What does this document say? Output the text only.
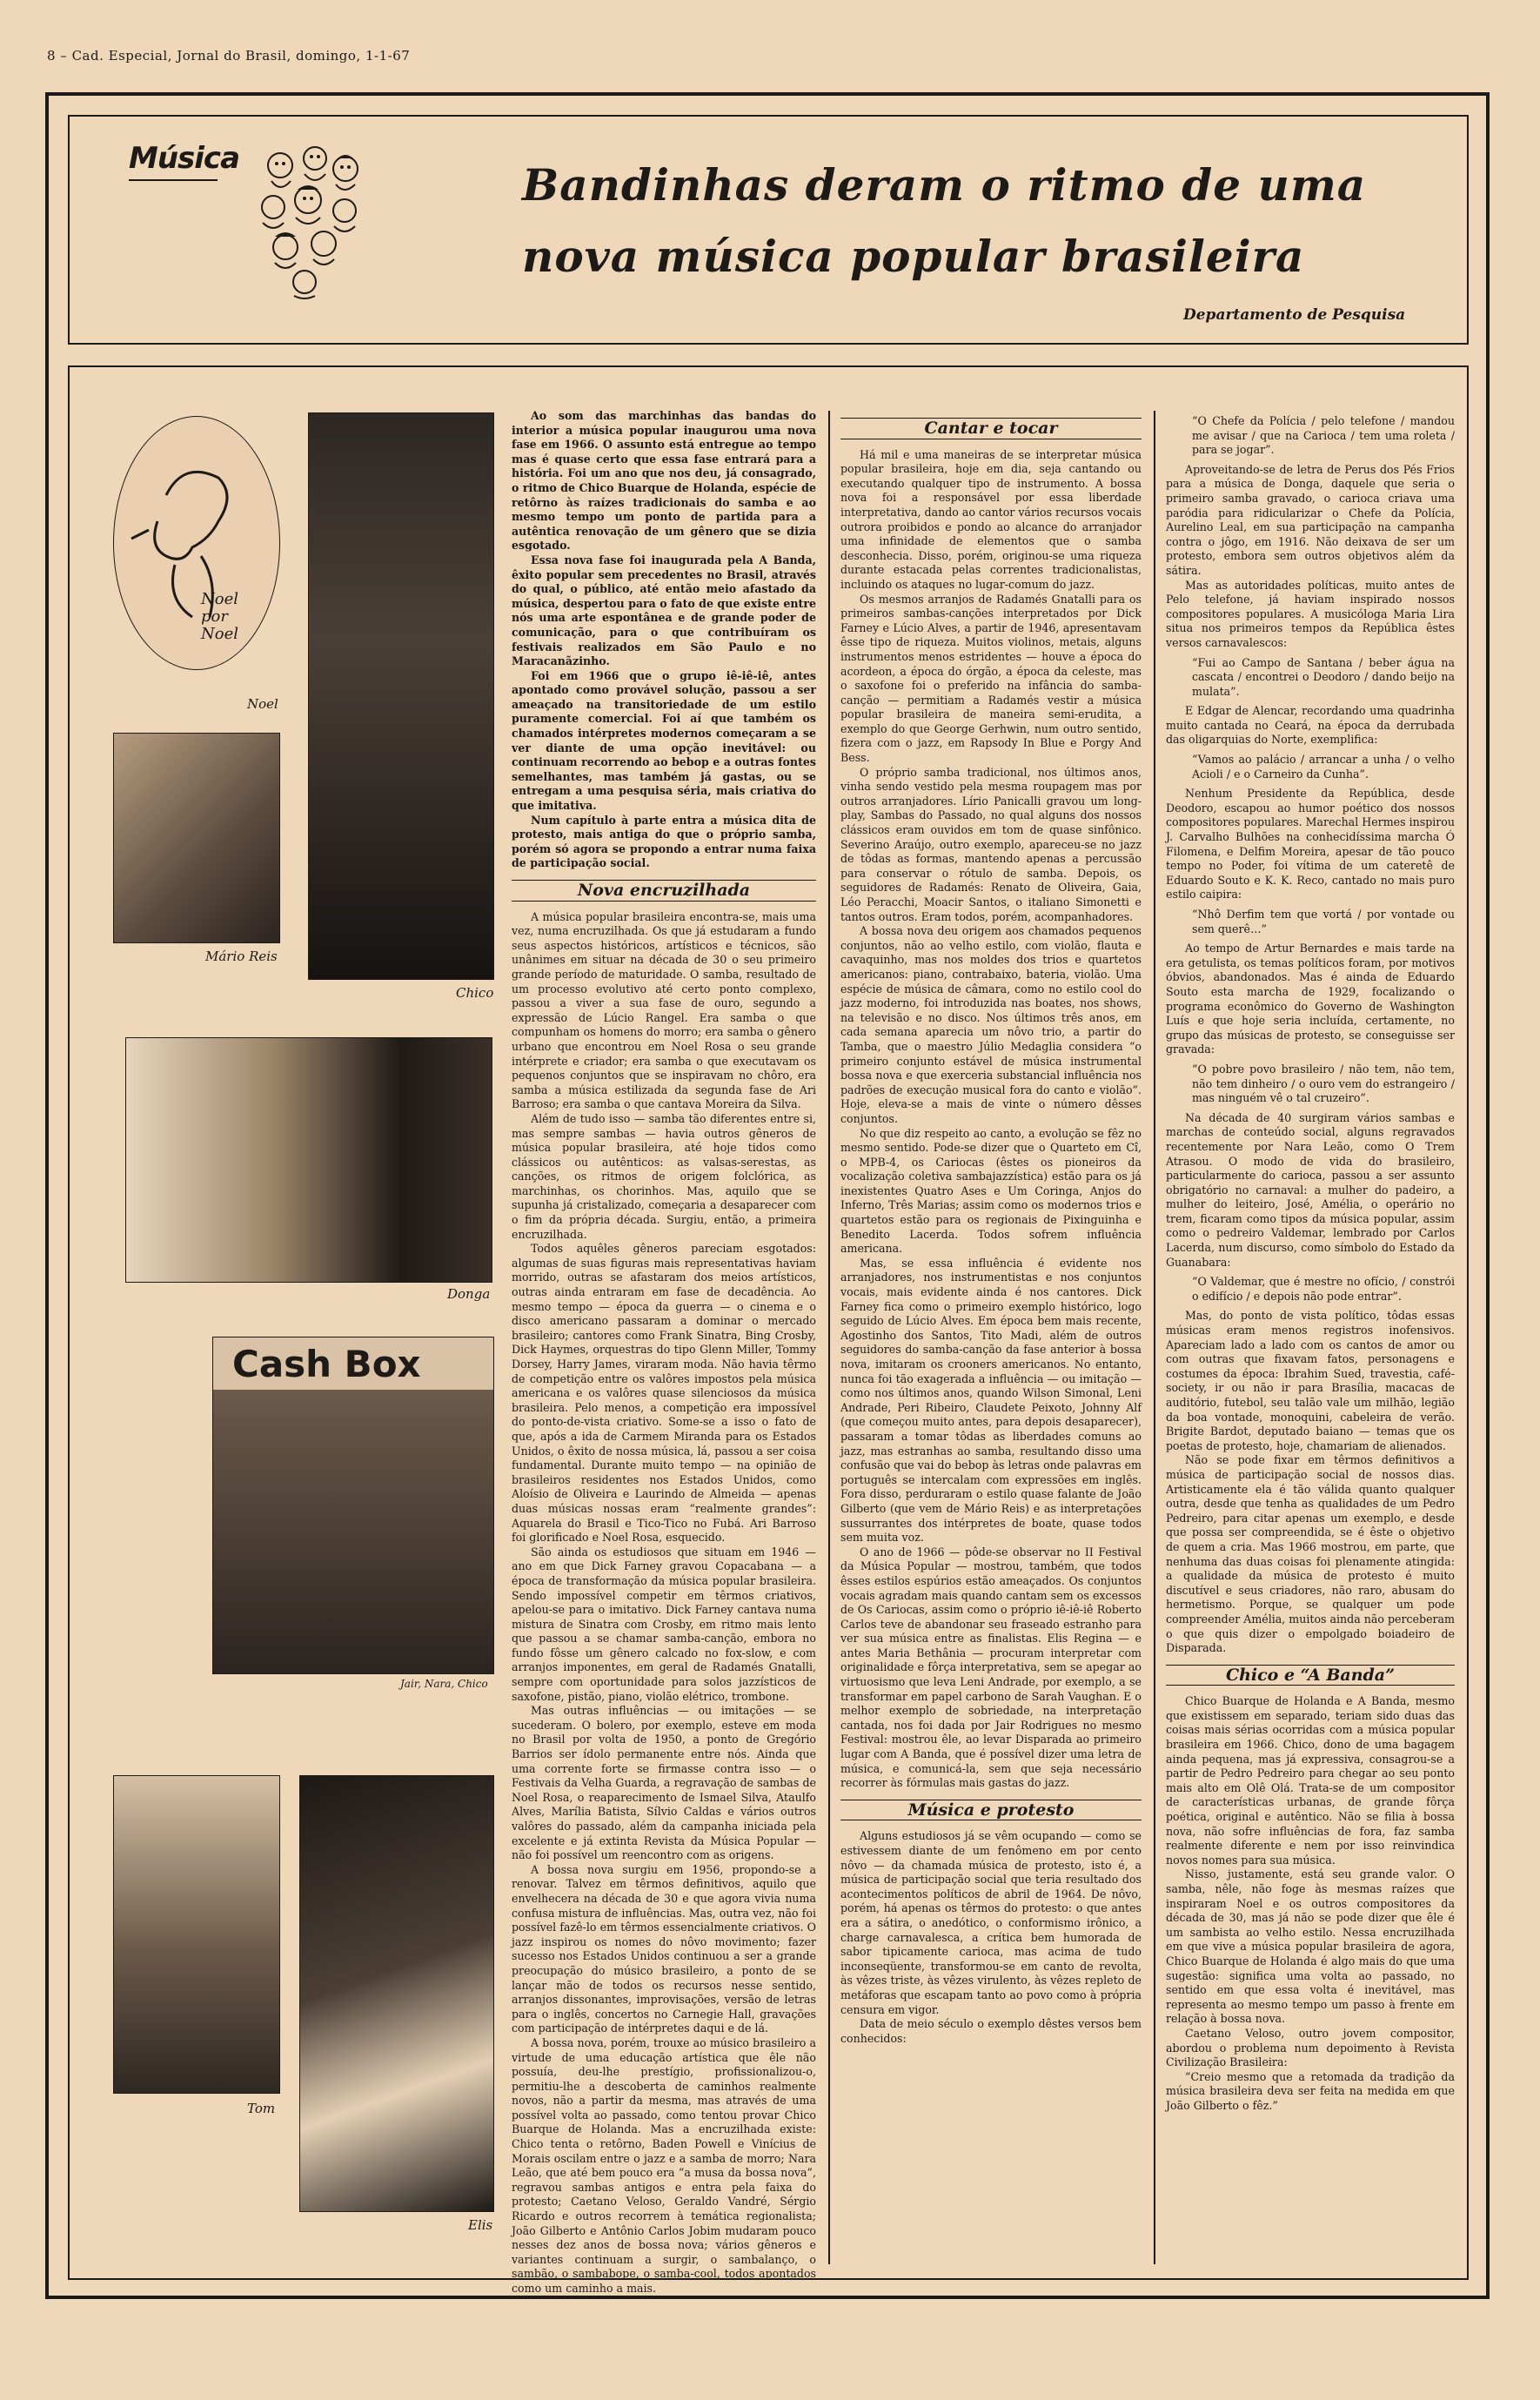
8 – Cad. Especial, Jornal do Brasil, domingo, 1-1-67
Música
Bandinhas deram o ritmo de uma
nova música popular brasileira
Departamento de Pesquisa
Noel por Noel
Noel
Mário Reis
Chico
Donga
Cash Box
Jair, Nara, Chico
Tom
Elis

Ao som das marchinhas das bandas do interior a música popular inaugurou uma nova fase em 1966. O assunto está entregue ao tempo mas é quase certo que essa fase entrará para a história. Foi um ano que nos deu, já consagrado, o ritmo de Chico Buarque de Holanda, espécie de retôrno às raízes tradicionais do samba e ao mesmo tempo um ponto de partida para a autêntica renovação de um gênero que se dizia esgotado.

Essa nova fase foi inaugurada pela A Banda, êxito popular sem precedentes no Brasil, através do qual, o público, até então meio afastado da música, despertou para o fato de que existe entre nós uma arte espontânea e de grande poder de comunicação, para o que contribuíram os festivais realizados em São Paulo e no Maracanãzinho.

Foi em 1966 que o grupo iê-iê-iê, antes apontado como provável solução, passou a ser ameaçado na transitoriedade de um estilo puramente comercial. Foi aí que também os chamados intérpretes modernos começaram a se ver diante de uma opção inevitável: ou continuam recorrendo ao bebop e a outras fontes semelhantes, mas também já gastas, ou se entregam a uma pesquisa séria, mais criativa do que imitativa.

Num capítulo à parte entra a música dita de protesto, mais antiga do que o próprio samba, porém só agora se propondo a entrar numa faixa de participação social.

Nova encruzilhada

A música popular brasileira encontra-se, mais uma vez, numa encruzilhada. Os que já estudaram a fundo seus aspectos históricos, artísticos e técnicos, são unânimes em situar na década de 30 o seu primeiro grande período de maturidade. O samba, resultado de um processo evolutivo até certo ponto complexo, passou a viver a sua fase de ouro, segundo a expressão de Lúcio Rangel. Era samba o que compunham os homens do morro; era samba o gênero urbano que encontrou em Noel Rosa o seu grande intérprete e criador; era samba o que executavam os pequenos conjuntos que se inspiravam no chôro, era samba a música estilizada da segunda fase de Ari Barroso; era samba o que cantava Moreira da Silva.

Além de tudo isso — samba tão diferentes entre si, mas sempre sambas — havia outros gêneros de música popular brasileira, até hoje tidos como clássicos ou autênticos: as valsas-serestas, as canções, os ritmos de origem folclórica, as marchinhas, os chorinhos. Mas, aquilo que se supunha já cristalizado, começaria a desaparecer com o fim da própria década. Surgiu, então, a primeira encruzilhada.

Todos aquêles gêneros pareciam esgotados: algumas de suas figuras mais representativas haviam morrido, outras se afastaram dos meios artísticos, outras ainda entraram em fase de decadência. Ao mesmo tempo — época da guerra — o cinema e o disco americano passaram a dominar o mercado brasileiro; cantores como Frank Sinatra, Bing Crosby, Dick Haymes, orquestras do tipo Glenn Miller, Tommy Dorsey, Harry James, viraram moda. Não havia têrmo de competição entre os valôres impostos pela música americana e os valôres quase silenciosos da música brasileira. Pelo menos, a competição era impossível do ponto-de-vista criativo. Some-se a isso o fato de que, após a ida de Carmem Miranda para os Estados Unidos, o êxito de nossa música, lá, passou a ser coisa fundamental. Durante muito tempo — na opinião de brasileiros residentes nos Estados Unidos, como Aloísio de Oliveira e Laurindo de Almeida — apenas duas músicas nossas eram “realmente grandes”: Aquarela do Brasil e Tico-Tico no Fubá. Ari Barroso foi glorificado e Noel Rosa, esquecido.

São ainda os estudiosos que situam em 1946 — ano em que Dick Farney gravou Copacabana — a época de transformação da música popular brasileira. Sendo impossível competir em têrmos criativos, apelou-se para o imitativo. Dick Farney cantava numa mistura de Sinatra com Crosby, em ritmo mais lento que passou a se chamar samba-canção, embora no fundo fôsse um gênero calcado no fox-slow, e com arranjos imponentes, em geral de Radamés Gnatalli, sempre com oportunidade para solos jazzísticos de saxofone, pistão, piano, violão elétrico, trombone.

Mas outras influências — ou imitações — se sucederam. O bolero, por exemplo, esteve em moda no Brasil por volta de 1950, a ponto de Gregório Barrios ser ídolo permanente entre nós. Ainda que uma corrente forte se firmasse contra isso — o Festivais da Velha Guarda, a regravação de sambas de Noel Rosa, o reaparecimento de Ismael Silva, Ataulfo Alves, Marília Batista, Sílvio Caldas e vários outros valôres do passado, além da campanha iniciada pela excelente e já extinta Revista da Música Popular — não foi possível um reencontro com as origens.

A bossa nova surgiu em 1956, propondo-se a renovar. Talvez em têrmos definitivos, aquilo que envelhecera na década de 30 e que agora vivia numa confusa mistura de influências. Mas, outra vez, não foi possível fazê-lo em têrmos essencialmente criativos. O jazz inspirou os nomes do nôvo movimento; fazer sucesso nos Estados Unidos continuou a ser a grande preocupação do músico brasileiro, a ponto de se lançar mão de todos os recursos nesse sentido, arranjos dissonantes, improvisações, versão de letras para o inglês, concertos no Carnegie Hall, gravações com participação de intérpretes daqui e de lá.

A bossa nova, porém, trouxe ao músico brasileiro a virtude de uma educação artística que êle não possuía, deu-lhe prestígio, profissionalizou-o, permitiu-lhe a descoberta de caminhos realmente novos, não a partir da mesma, mas através de uma possível volta ao passado, como tentou provar Chico Buarque de Holanda. Mas a encruzilhada existe: Chico tenta o retôrno, Baden Powell e Vinícius de Morais oscilam entre o jazz e a samba de morro; Nara Leão, que até bem pouco era “a musa da bossa nova”, regravou sambas antigos e entra pela faixa do protesto; Caetano Veloso, Geraldo Vandré, Sérgio Ricardo e outros recorrem à temática regionalista; João Gilberto e Antônio Carlos Jobim mudaram pouco nesses dez anos de bossa nova; vários gêneros e variantes continuam a surgir, o sambalanço, o sambão, o sambabope, o samba-cool, todos apontados como um caminho a mais.

Cantar e tocar

Há mil e uma maneiras de se interpretar música popular brasileira, hoje em dia, seja cantando ou executando qualquer tipo de instrumento. A bossa nova foi a responsável por essa liberdade interpretativa, dando ao cantor vários recursos vocais outrora proibidos e pondo ao alcance do arranjador uma infinidade de elementos que o samba desconhecia. Disso, porém, originou-se uma riqueza durante estacada pelas correntes tradicionalistas, incluindo os ataques no lugar-comum do jazz.

Os mesmos arranjos de Radamés Gnatalli para os primeiros sambas-canções interpretados por Dick Farney e Lúcio Alves, a partir de 1946, apresentavam êsse tipo de riqueza. Muitos violinos, metais, alguns instrumentos menos estridentes — houve a época do acordeon, a época do órgão, a época da celeste, mas o saxofone foi o preferido na infância do samba-canção — permitiam a Radamés vestir a música popular brasileira de maneira semi-erudita, a exemplo do que George Gerhwin, num outro sentido, fizera com o jazz, em Rapsody In Blue e Porgy And Bess.

O próprio samba tradicional, nos últimos anos, vinha sendo vestido pela mesma roupagem mas por outros arranjadores. Lírio Panicalli gravou um long-play, Sambas do Passado, no qual alguns dos nossos clássicos eram ouvidos em tom de quase sinfônico. Severino Araújo, outro exemplo, apareceu-se no jazz de tôdas as formas, mantendo apenas a percussão para conservar o rótulo de samba. Depois, os seguidores de Radamés: Renato de Oliveira, Gaia, Léo Peracchi, Moacir Santos, o italiano Simonetti e tantos outros. Eram todos, porém, acompanhadores.

A bossa nova deu origem aos chamados pequenos conjuntos, não ao velho estilo, com violão, flauta e cavaquinho, mas nos moldes dos trios e quartetos americanos: piano, contrabaixo, bateria, violão. Uma espécie de música de câmara, como no estilo cool do jazz moderno, foi introduzida nas boates, nos shows, na televisão e no disco. Nos últimos três anos, em cada semana aparecia um nôvo trio, a partir do Tamba, que o maestro Júlio Medaglia considera “o primeiro conjunto estável de música instrumental bossa nova e que exerceria substancial influência nos padrões de execução musical fora do canto e violão”. Hoje, eleva-se a mais de vinte o número dêsses conjuntos.

No que diz respeito ao canto, a evolução se fêz no mesmo sentido. Pode-se dizer que o Quarteto em Cî, o MPB-4, os Cariocas (êstes os pioneiros da vocalização coletiva sambajazzística) estão para os já inexistentes Quatro Ases e Um Coringa, Anjos do Inferno, Três Marias; assim como os modernos trios e quartetos estão para os regionais de Pixinguinha e Benedito Lacerda. Todos sofrem influência americana.

Mas, se essa influência é evidente nos arranjadores, nos instrumentistas e nos conjuntos vocais, mais evidente ainda é nos cantores. Dick Farney fica como o primeiro exemplo histórico, logo seguido de Lúcio Alves. Em época bem mais recente, Agostinho dos Santos, Tito Madi, além de outros seguidores do samba-canção da fase anterior à bossa nova, imitaram os crooners americanos. No entanto, nunca foi tão exagerada a influência — ou imitação — como nos últimos anos, quando Wilson Simonal, Leni Andrade, Peri Ribeiro, Claudete Peixoto, Johnny Alf (que começou muito antes, para depois desaparecer), passaram a tomar tôdas as liberdades comuns ao jazz, mas estranhas ao samba, resultando disso uma confusão que vai do bebop às letras onde palavras em português se intercalam com expressões em inglês. Fora disso, perduraram o estilo quase falante de João Gilberto (que vem de Mário Reis) e as interpretações sussurrantes dos intérpretes de boate, quase todos sem muita voz.

O ano de 1966 — pôde-se observar no II Festival da Música Popular — mostrou, também, que todos êsses estilos espúrios estão ameaçados. Os conjuntos vocais agradam mais quando cantam sem os excessos de Os Cariocas, assim como o próprio iê-iê-iê Roberto Carlos teve de abandonar seu fraseado estranho para ver sua música entre as finalistas. Elis Regina — e antes Maria Bethânia — procuram interpretar com originalidade e fôrça interpretativa, sem se apegar ao virtuosismo que leva Leni Andrade, por exemplo, a se transformar em papel carbono de Sarah Vaughan. E o melhor exemplo de sobriedade, na interpretação cantada, nos foi dada por Jair Rodrigues no mesmo Festival: mostrou êle, ao levar Disparada ao primeiro lugar com A Banda, que é possível dizer uma letra de música, e comunicá-la, sem que seja necessário recorrer às fórmulas mais gastas do jazz.

Música e protesto

Alguns estudiosos já se vêm ocupando — como se estivessem diante de um fenômeno em por cento nôvo — da chamada música de protesto, isto é, a música de participação social que teria resultado dos acontecimentos políticos de abril de 1964. De nôvo, porém, há apenas os têrmos do protesto: o que antes era a sátira, o anedótico, o conformismo irônico, a charge carnavalesca, a crítica bem humorada de sabor tipicamente carioca, mas acima de tudo inconseqüente, transformou-se em canto de revolta, às vêzes triste, às vêzes virulento, às vêzes repleto de metáforas que escapam tanto ao povo como à própria censura em vigor.

Data de meio século o exemplo dêstes versos bem conhecidos:

“O Chefe da Polícia / pelo telefone / mandou me avisar / que na Carioca / tem uma roleta / para se jogar”.

Aproveitando-se de letra de Perus dos Pés Frios para a música de Donga, daquele que seria o primeiro samba gravado, o carioca criava uma paródia para ridicularizar o Chefe da Polícia, Aurelino Leal, em sua participação na campanha contra o jôgo, em 1916. Não deixava de ser um protesto, embora sem outros objetivos além da sátira.

Mas as autoridades políticas, muito antes de Pelo telefone, já haviam inspirado nossos compositores populares. A musicóloga Maria Lira situa nos primeiros tempos da República êstes versos carnavalescos:

“Fui ao Campo de Santana / beber água na cascata / encontrei o Deodoro / dando beijo na mulata”.

E Edgar de Alencar, recordando uma quadrinha muito cantada no Ceará, na época da derrubada das oligarquias do Norte, exemplifica:

“Vamos ao palácio / arrancar a unha / o velho Acioli / e o Carneiro da Cunha”.

Nenhum Presidente da República, desde Deodoro, escapou ao humor poético dos nossos compositores populares. Marechal Hermes inspirou J. Carvalho Bulhões na conhecidíssima marcha Ó Filomena, e Delfim Moreira, apesar de tão pouco tempo no Poder, foi vítima de um cateretê de Eduardo Souto e K. K. Reco, cantado no mais puro estilo caipira:

“Nhô Derfim tem que vortá / por vontade ou sem querê…”

Ao tempo de Artur Bernardes e mais tarde na era getulista, os temas políticos foram, por motivos óbvios, abandonados. Mas é ainda de Eduardo Souto esta marcha de 1929, focalizando o programa econômico do Governo de Washington Luís e que hoje seria incluída, certamente, no grupo das músicas de protesto, se conseguisse ser gravada:

“O pobre povo brasileiro / não tem, não tem, não tem dinheiro / o ouro vem do estrangeiro / mas ninguém vê o tal cruzeiro”.

Na década de 40 surgiram vários sambas e marchas de conteúdo social, alguns regravados recentemente por Nara Leão, como O Trem Atrasou. O modo de vida do brasileiro, particularmente do carioca, passou a ser assunto obrigatório no carnaval: a mulher do padeiro, a mulher do leiteiro, José, Amélia, o operário no trem, ficaram como tipos da música popular, assim como o pedreiro Valdemar, lembrado por Carlos Lacerda, num discurso, como símbolo do Estado da Guanabara:

“O Valdemar, que é mestre no ofício, / constrói o edifício / e depois não pode entrar”.

Mas, do ponto de vista político, tôdas essas músicas eram menos registros inofensivos. Apareciam lado a lado com os cantos de amor ou com outras que fixavam fatos, personagens e costumes da época: Ibrahim Sued, travestia, café-society, ir ou não ir para Brasília, macacas de auditório, futebol, seu talão vale um milhão, legião da boa vontade, monoquini, cabeleira de verão. Brigite Bardot, deputado baiano — temas que os poetas de protesto, hoje, chamariam de alienados.

Não se pode fixar em têrmos definitivos a música de participação social de nossos dias. Artisticamente ela é tão válida quanto qualquer outra, desde que tenha as qualidades de um Pedro Pedreiro, para citar apenas um exemplo, e desde que possa ser compreendida, se é êste o objetivo de quem a cria. Mas 1966 mostrou, em parte, que nenhuma das duas coisas foi plenamente atingida: a qualidade da música de protesto é muito discutível e seus criadores, não raro, abusam do hermetismo. Porque, se qualquer um pode compreender Amélia, muitos ainda não perceberam o que quis dizer o empolgado boiadeiro de Disparada.

Chico e “A Banda”

Chico Buarque de Holanda e A Banda, mesmo que existissem em separado, teriam sido duas das coisas mais sérias ocorridas com a música popular brasileira em 1966. Chico, dono de uma bagagem ainda pequena, mas já expressiva, consagrou-se a partir de Pedro Pedreiro para chegar ao seu ponto mais alto em Olê Olá. Trata-se de um compositor de características urbanas, de grande fôrça poética, original e autêntico. Não se filia à bossa nova, não sofre influências de fora, faz samba realmente diferente e nem por isso reinvindica novos nomes para sua música.

Nisso, justamente, está seu grande valor. O samba, nêle, não foge às mesmas raízes que inspiraram Noel e os outros compositores da década de 30, mas já não se pode dizer que êle é um sambista ao velho estilo. Nessa encruzilhada em que vive a música popular brasileira de agora, Chico Buarque de Holanda é algo mais do que uma sugestão: significa uma volta ao passado, no sentido em que essa volta é inevitável, mas representa ao mesmo tempo um passo à frente em relação à bossa nova.

Caetano Veloso, outro jovem compositor, abordou o problema num depoimento à Revista Civilização Brasileira:

“Creio mesmo que a retomada da tradição da música brasileira deva ser feita na medida em que João Gilberto o fêz.”
